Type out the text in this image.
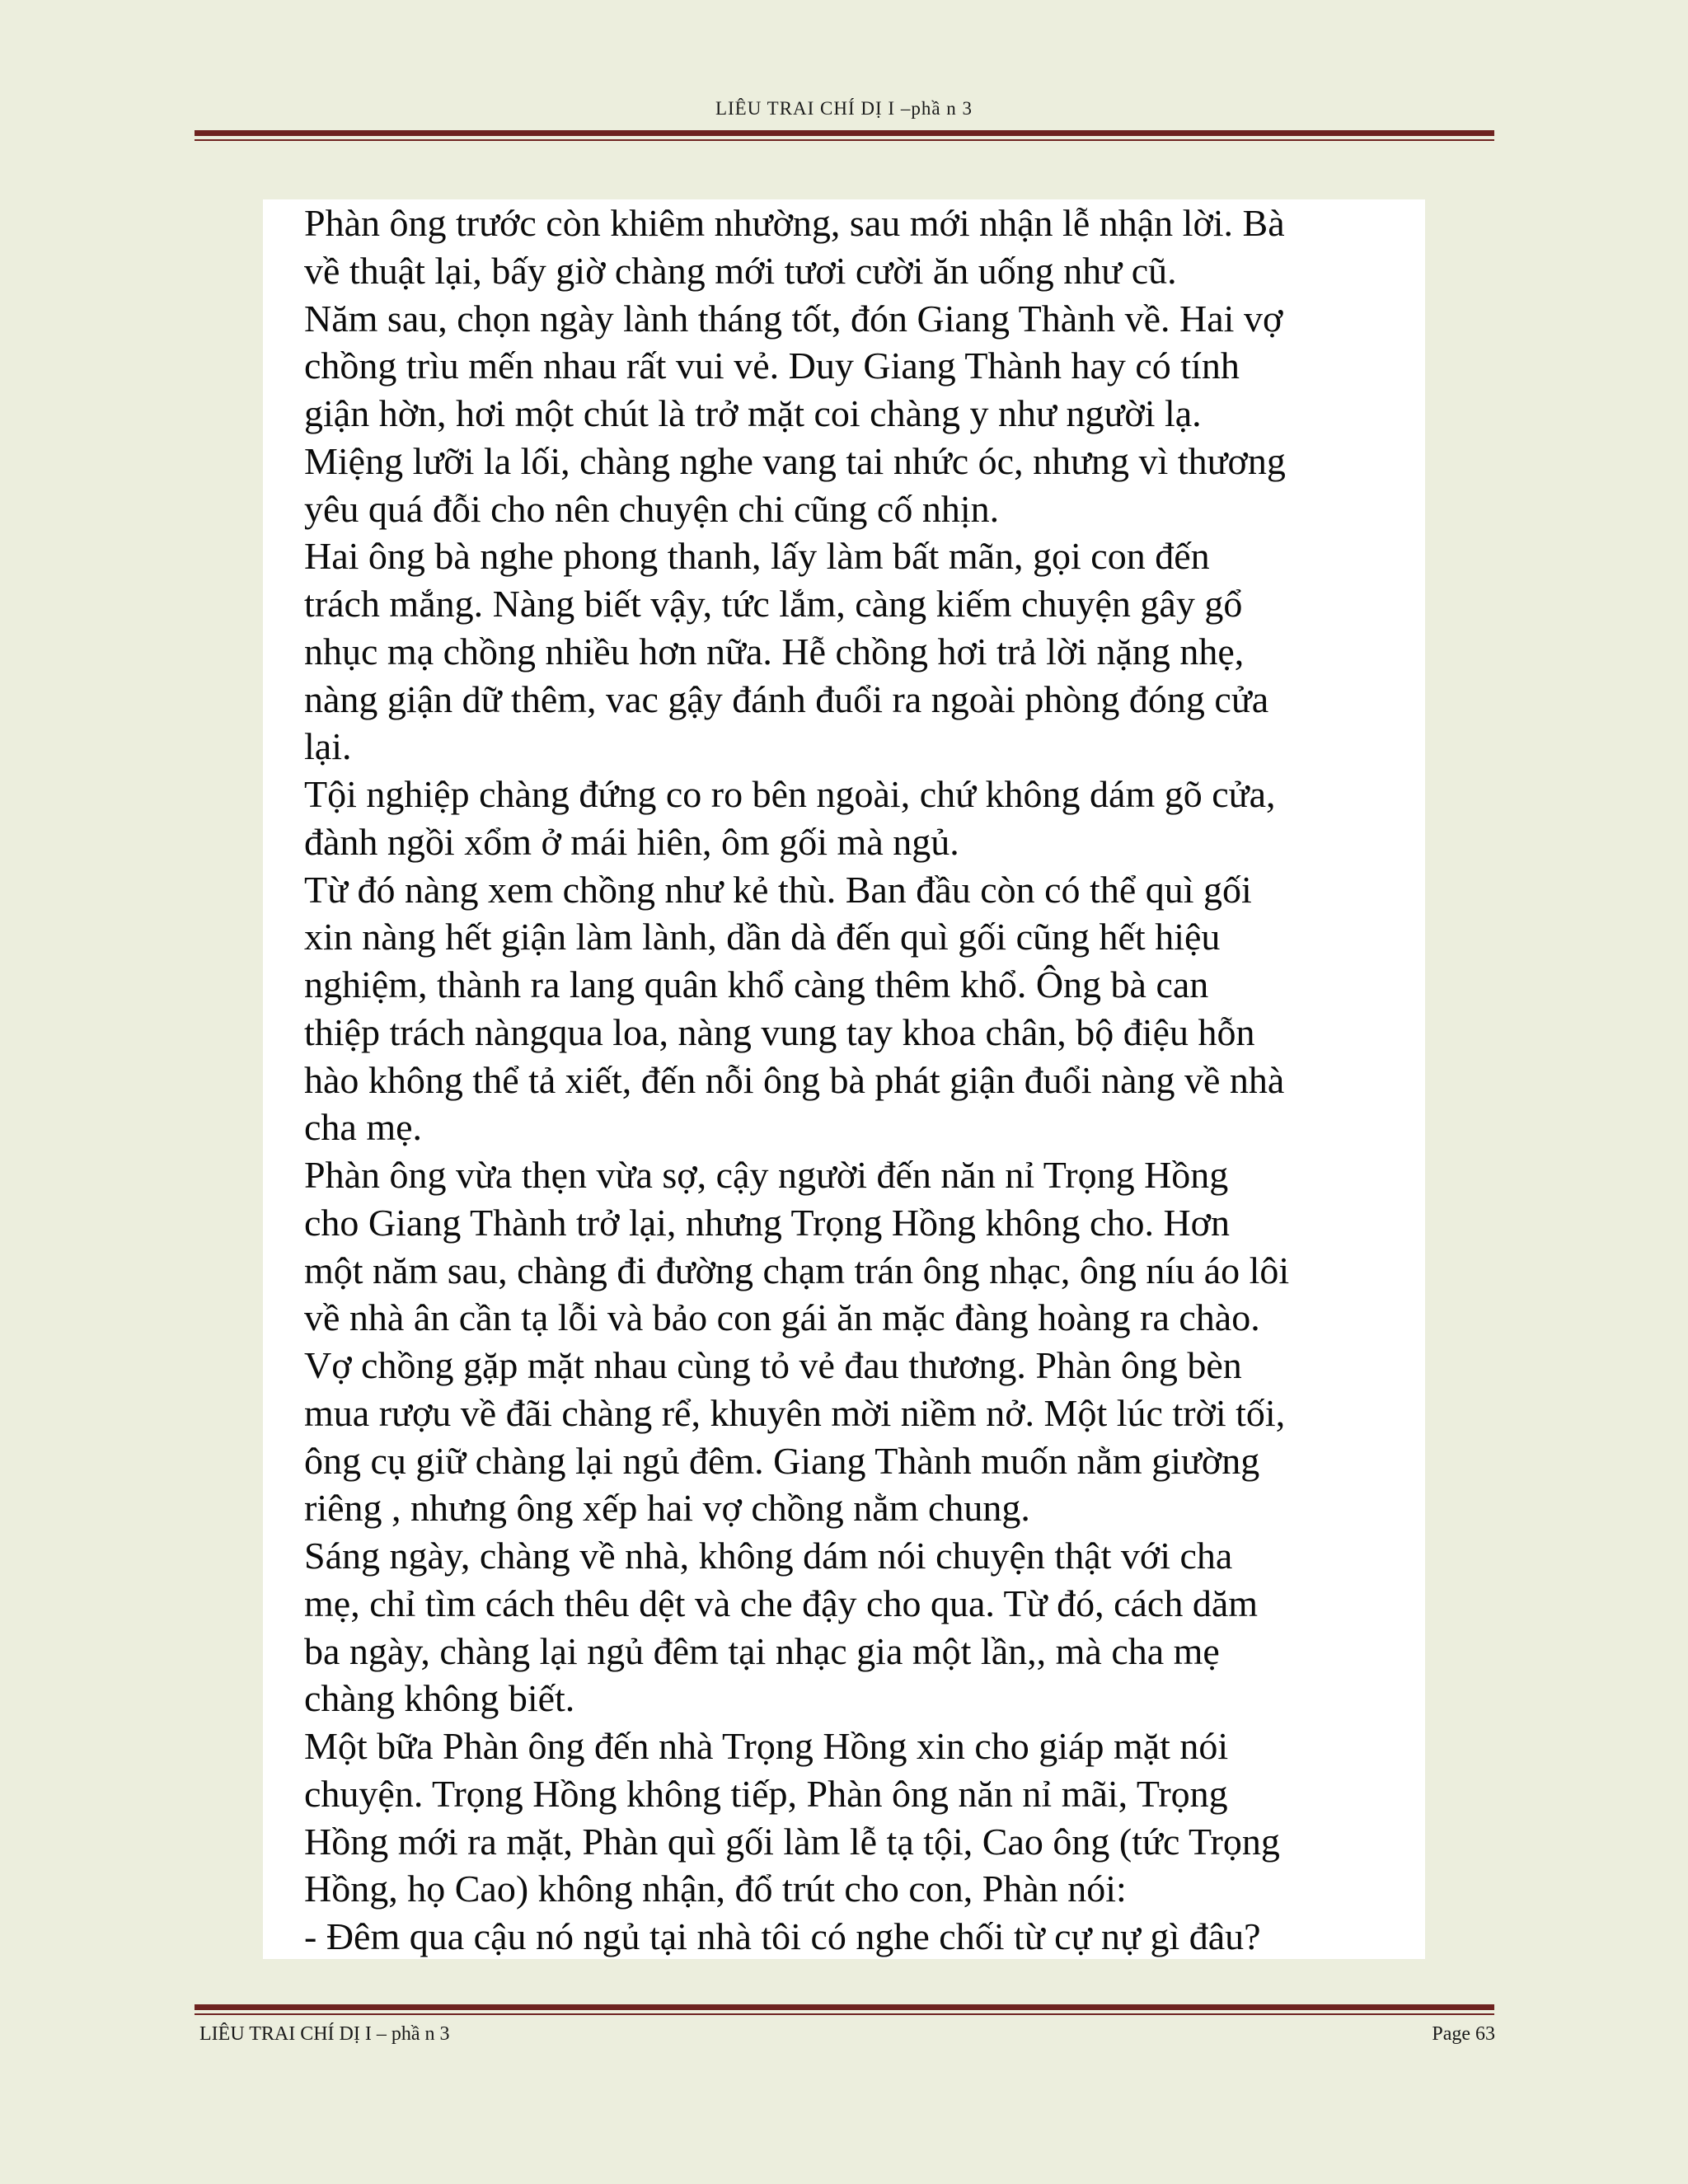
LIÊU TRAI CHÍ DỊ I –phầ n 3
Phàn ông trước còn khiêm nhường, sau mới nhận lễ nhận lời. Bà
về thuật lại, bấy giờ chàng mới tươi cười ăn uống như cũ.
Năm sau, chọn ngày lành tháng tốt, đón Giang Thành về. Hai vợ
chồng trìu mến nhau rất vui vẻ. Duy Giang Thành hay có tính
giận hờn, hơi một chút là trở mặt coi chàng y như người lạ.
Miệng lưỡi la lối, chàng nghe vang tai nhức óc, nhưng vì thương
yêu quá đỗi cho nên chuyện chi cũng cố nhịn.
Hai ông bà nghe phong thanh, lấy làm bất mãn, gọi con đến
trách mắng. Nàng biết vậy, tức lắm, càng kiếm chuyện gây gổ
nhục mạ chồng nhiều hơn nữa. Hễ chồng hơi trả lời nặng nhẹ,
nàng giận dữ thêm, vac gậy đánh đuổi ra ngoài phòng đóng cửa
lại.
Tội nghiệp chàng đứng co ro bên ngoài, chứ không dám gõ cửa,
đành ngồi xổm ở mái hiên, ôm gối mà ngủ.
Từ đó nàng xem chồng như kẻ thù. Ban đầu còn có thể quì gối
xin nàng hết giận làm lành, dần dà đến quì gối cũng hết hiệu
nghiệm, thành ra lang quân khổ càng thêm khổ. Ông bà can
thiệp trách nàngqua loa, nàng vung tay khoa chân, bộ điệu hỗn
hào không thể tả xiết, đến nỗi ông bà phát giận đuổi nàng về nhà
cha mẹ.
Phàn ông vừa thẹn vừa sợ, cậy người đến năn nỉ Trọng Hồng
cho Giang Thành trở lại, nhưng Trọng Hồng không cho. Hơn
một năm sau, chàng đi đường chạm trán ông nhạc, ông níu áo lôi
về nhà ân cần tạ lỗi và bảo con gái ăn mặc đàng hoàng ra chào.
Vợ chồng gặp mặt nhau cùng tỏ vẻ đau thương. Phàn ông bèn
mua rượu về đãi chàng rể, khuyên mời niềm nở. Một lúc trời tối,
ông cụ giữ chàng lại ngủ đêm. Giang Thành muốn nằm giường
riêng , nhưng ông xếp hai vợ chồng nằm chung.
Sáng ngày, chàng về nhà, không dám nói chuyện thật với cha
mẹ, chỉ tìm cách thêu dệt và che đậy cho qua. Từ đó, cách dăm
ba ngày, chàng lại ngủ đêm tại nhạc gia một lần,, mà cha mẹ
chàng không biết.
Một bữa Phàn ông đến nhà Trọng Hồng xin cho giáp mặt nói
chuyện. Trọng Hồng không tiếp, Phàn ông năn nỉ mãi, Trọng
Hồng mới ra mặt, Phàn quì gối làm lễ tạ tội, Cao ông (tức Trọng
Hồng, họ Cao) không nhận, đổ trút cho con, Phàn nói:
- Đêm qua cậu nó ngủ tại nhà tôi có nghe chối từ cự nự gì đâu?
LIÊU TRAI CHÍ DỊ I – phầ n 3	Page 63
